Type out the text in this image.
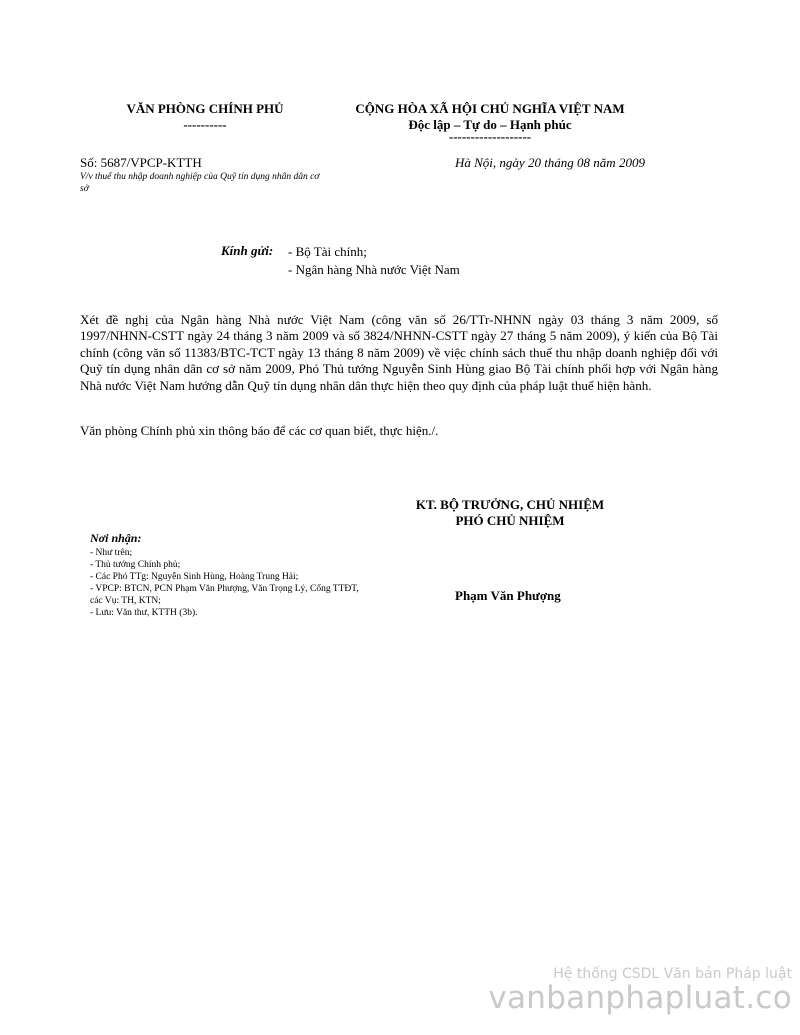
VĂN PHÒNG CHÍNH PHỦ
----------
CỘNG HÒA XÃ HỘI CHỦ NGHĨA VIỆT NAM
Độc lập – Tự do – Hạnh phúc
-------------------
Số: 5687/VPCP-KTTH
V/v thuế thu nhập doanh nghiệp của Quỹ tín dụng nhân dân cơ sở
Hà Nội, ngày 20 tháng 08 năm 2009
Kính gửi: - Bộ Tài chính;
- Ngân hàng Nhà nước Việt Nam
Xét đề nghị của Ngân hàng Nhà nước Việt Nam (công văn số 26/TTr-NHNN ngày 03 tháng 3 năm 2009, số 1997/NHNN-CSTT ngày 24 tháng 3 năm 2009 và số 3824/NHNN-CSTT ngày 27 tháng 5 năm 2009), ý kiến của Bộ Tài chính (công văn số 11383/BTC-TCT ngày 13 tháng 8 năm 2009) về việc chính sách thuế thu nhập doanh nghiệp đối với Quỹ tín dụng nhân dân cơ sở năm 2009, Phó Thủ tướng Nguyễn Sinh Hùng giao Bộ Tài chính phối hợp với Ngân hàng Nhà nước Việt Nam hướng dẫn Quỹ tín dụng nhân dân thực hiện theo quy định của pháp luật thuế hiện hành.
Văn phòng Chính phủ xin thông báo để các cơ quan biết, thực hiện./.
KT. BỘ TRƯỞNG, CHỦ NHIỆM
PHÓ CHỦ NHIỆM
Phạm Văn Phượng
Nơi nhận:
- Như trên;
- Thủ tướng Chính phủ;
- Các Phó TTg: Nguyễn Sinh Hùng, Hoàng Trung Hải;
- VPCP: BTCN, PCN Phạm Văn Phượng, Văn Trọng Lý, Cổng TTĐT, các Vụ: TH, KTN;
- Lưu: Văn thư, KTTH (3b).
Hệ thống CSDL Văn bản Pháp luật
vanbanphapluat.co
